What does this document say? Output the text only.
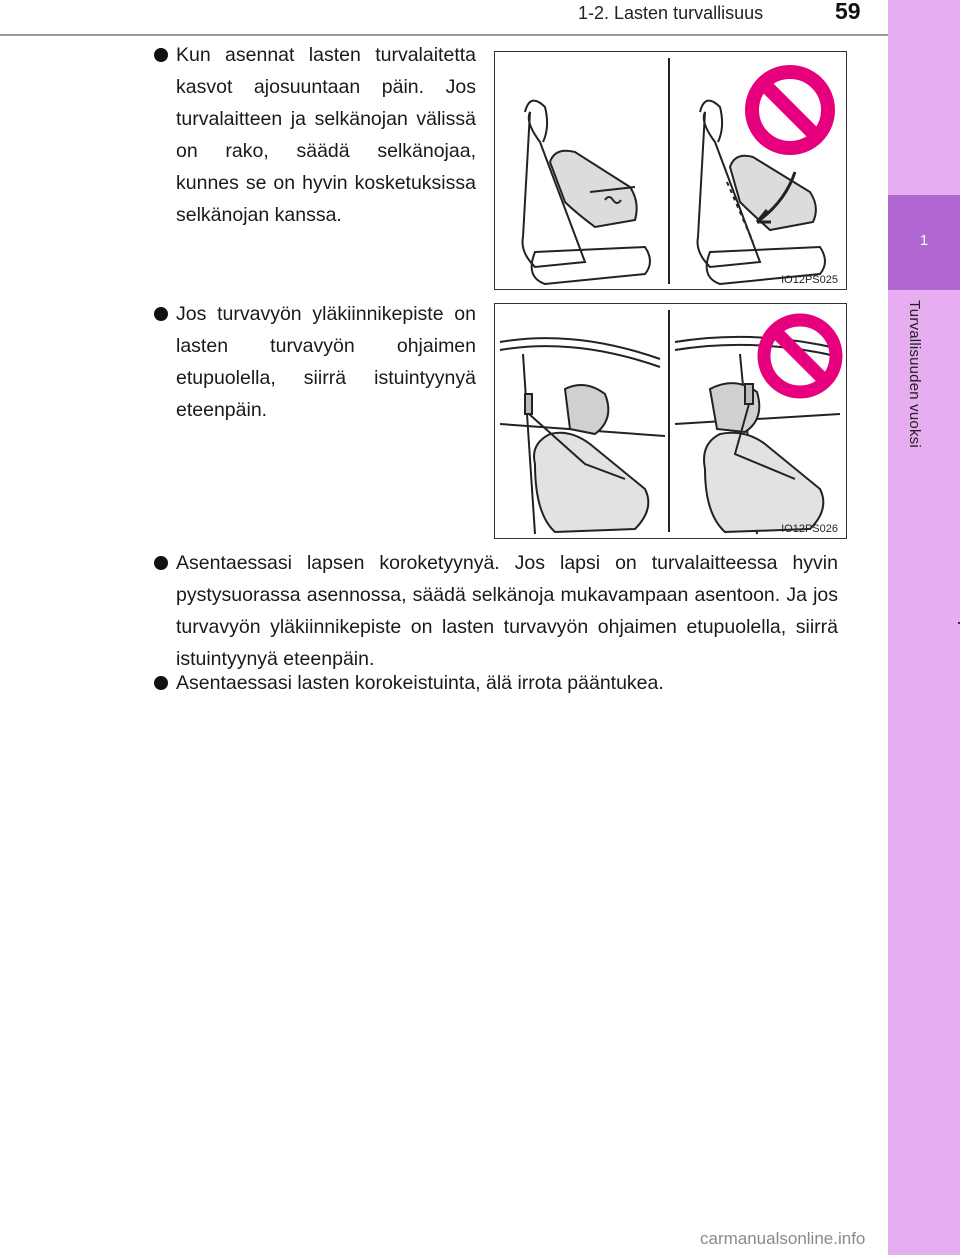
1
Turvallisuuden vuoksi
1-2. Lasten turvallisuus	59
Kun asennat lasten turvalaitetta kasvot ajosuuntaan päin. Jos turvalaitteen ja selkänojan välissä on rako, säädä selkänojaa, kunnes se on hyvin kosketuksissa selkänojan kanssa.
IO12PS025
Jos turvavyön yläkiinnikepiste on lasten turvavyön ohjaimen etupuolella, siirrä istuintyynyä eteenpäin.
IO12PS026
Asentaessasi lapsen koroketyynyä. Jos lapsi on turvalaitteessa hyvin pystysuorassa asennossa, säädä selkänoja mukavampaan asentoon. Ja jos turvavyön yläkiinnikepiste on lasten turvavyön ohjaimen etupuolella, siirrä istuintyynyä eteenpäin.
Asentaessasi lasten korokeistuinta, älä irrota pääntukea.
carmanualsonline.info
